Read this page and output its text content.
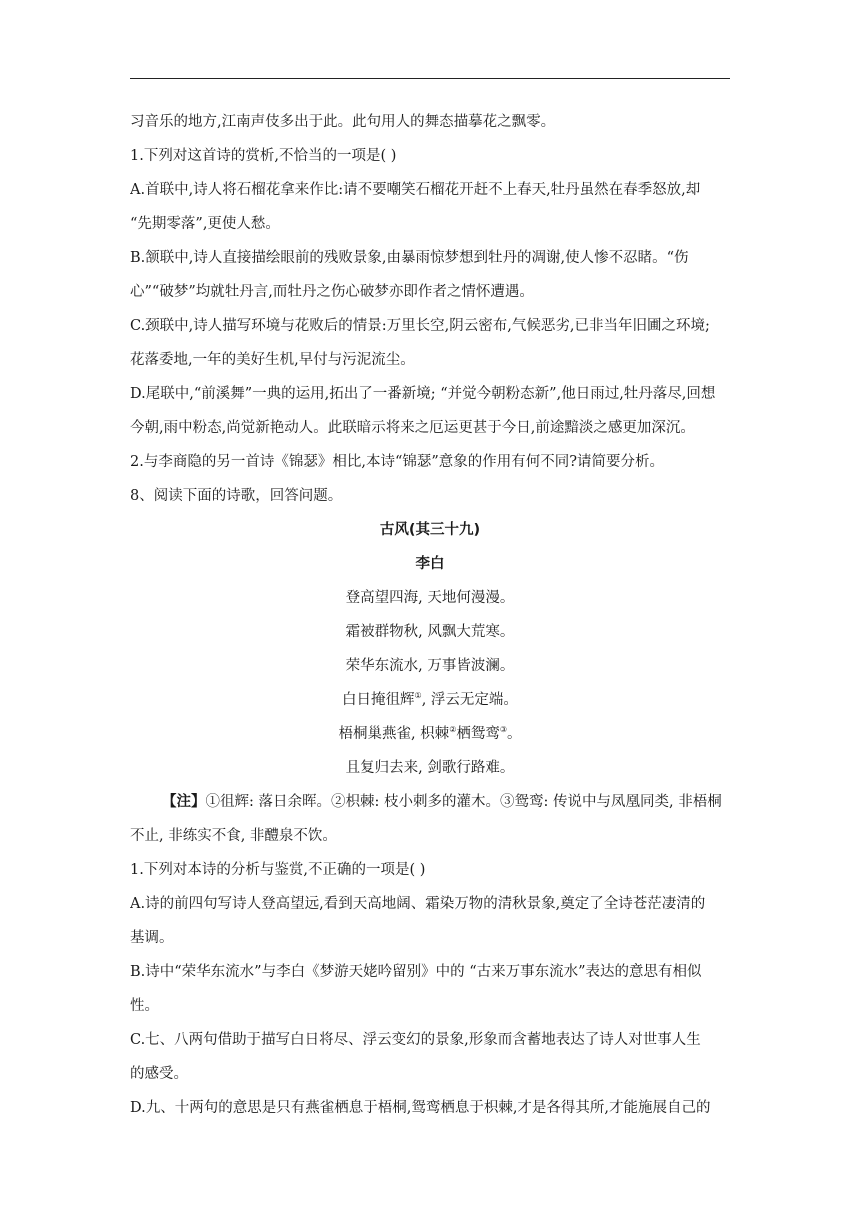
习音乐的地方,江南声伎多出于此。此句用人的舞态描摹花之飘零。
1.下列对这首诗的赏析,不恰当的一项是( )
A.首联中,诗人将石榴花拿来作比:请不要嘲笑石榴花开赶不上春天,牡丹虽然在春季怒放,却
“先期零落”,更使人愁。
B.颔联中,诗人直接描绘眼前的残败景象,由暴雨惊梦想到牡丹的凋谢,使人惨不忍睹。“伤
心”“破梦”均就牡丹言,而牡丹之伤心破梦亦即作者之情怀遭遇。
C.颈联中,诗人描写环境与花败后的情景:万里长空,阴云密布,气候恶劣,已非当年旧圃之环境;
花落委地,一年的美好生机,早付与污泥流尘。
D.尾联中,“前溪舞”一典的运用,拓出了一番新境; “并觉今朝粉态新”,他日雨过,牡丹落尽,回想
今朝,雨中粉态,尚觉新艳动人。此联暗示将来之厄运更甚于今日,前途黯淡之感更加深沉。
2.与李商隐的另一首诗《锦瑟》相比,本诗“锦瑟”意象的作用有何不同?请简要分析。
8、阅读下面的诗歌，回答问题。
古风(其三十九)
李白
登高望四海, 天地何漫漫。
霜被群物秋, 风飘大荒寒。
荣华东流水, 万事皆波澜。
白日掩徂辉①, 浮云无定端。
梧桐巢燕雀, 枳棘②栖鸳鸾③。
且复归去来, 剑歌行路难。
【注】①徂辉: 落日余晖。②枳棘: 枝小刺多的灌木。③鸳鸾: 传说中与凤凰同类, 非梧桐
不止, 非练实不食, 非醴泉不饮。
1.下列对本诗的分析与鉴赏,不正确的一项是( )
A.诗的前四句写诗人登高望远,看到天高地阔、霜染万物的清秋景象,奠定了全诗苍茫凄清的
基调。
B.诗中“荣华东流水”与李白《梦游天姥吟留别》中的 “古来万事东流水”表达的意思有相似
性。
C.七、八两句借助于描写白日将尽、浮云变幻的景象,形象而含蓄地表达了诗人对世事人生
的感受。
D.九、十两句的意思是只有燕雀栖息于梧桐,鸳鸾栖息于枳棘,才是各得其所,才能施展自己的
